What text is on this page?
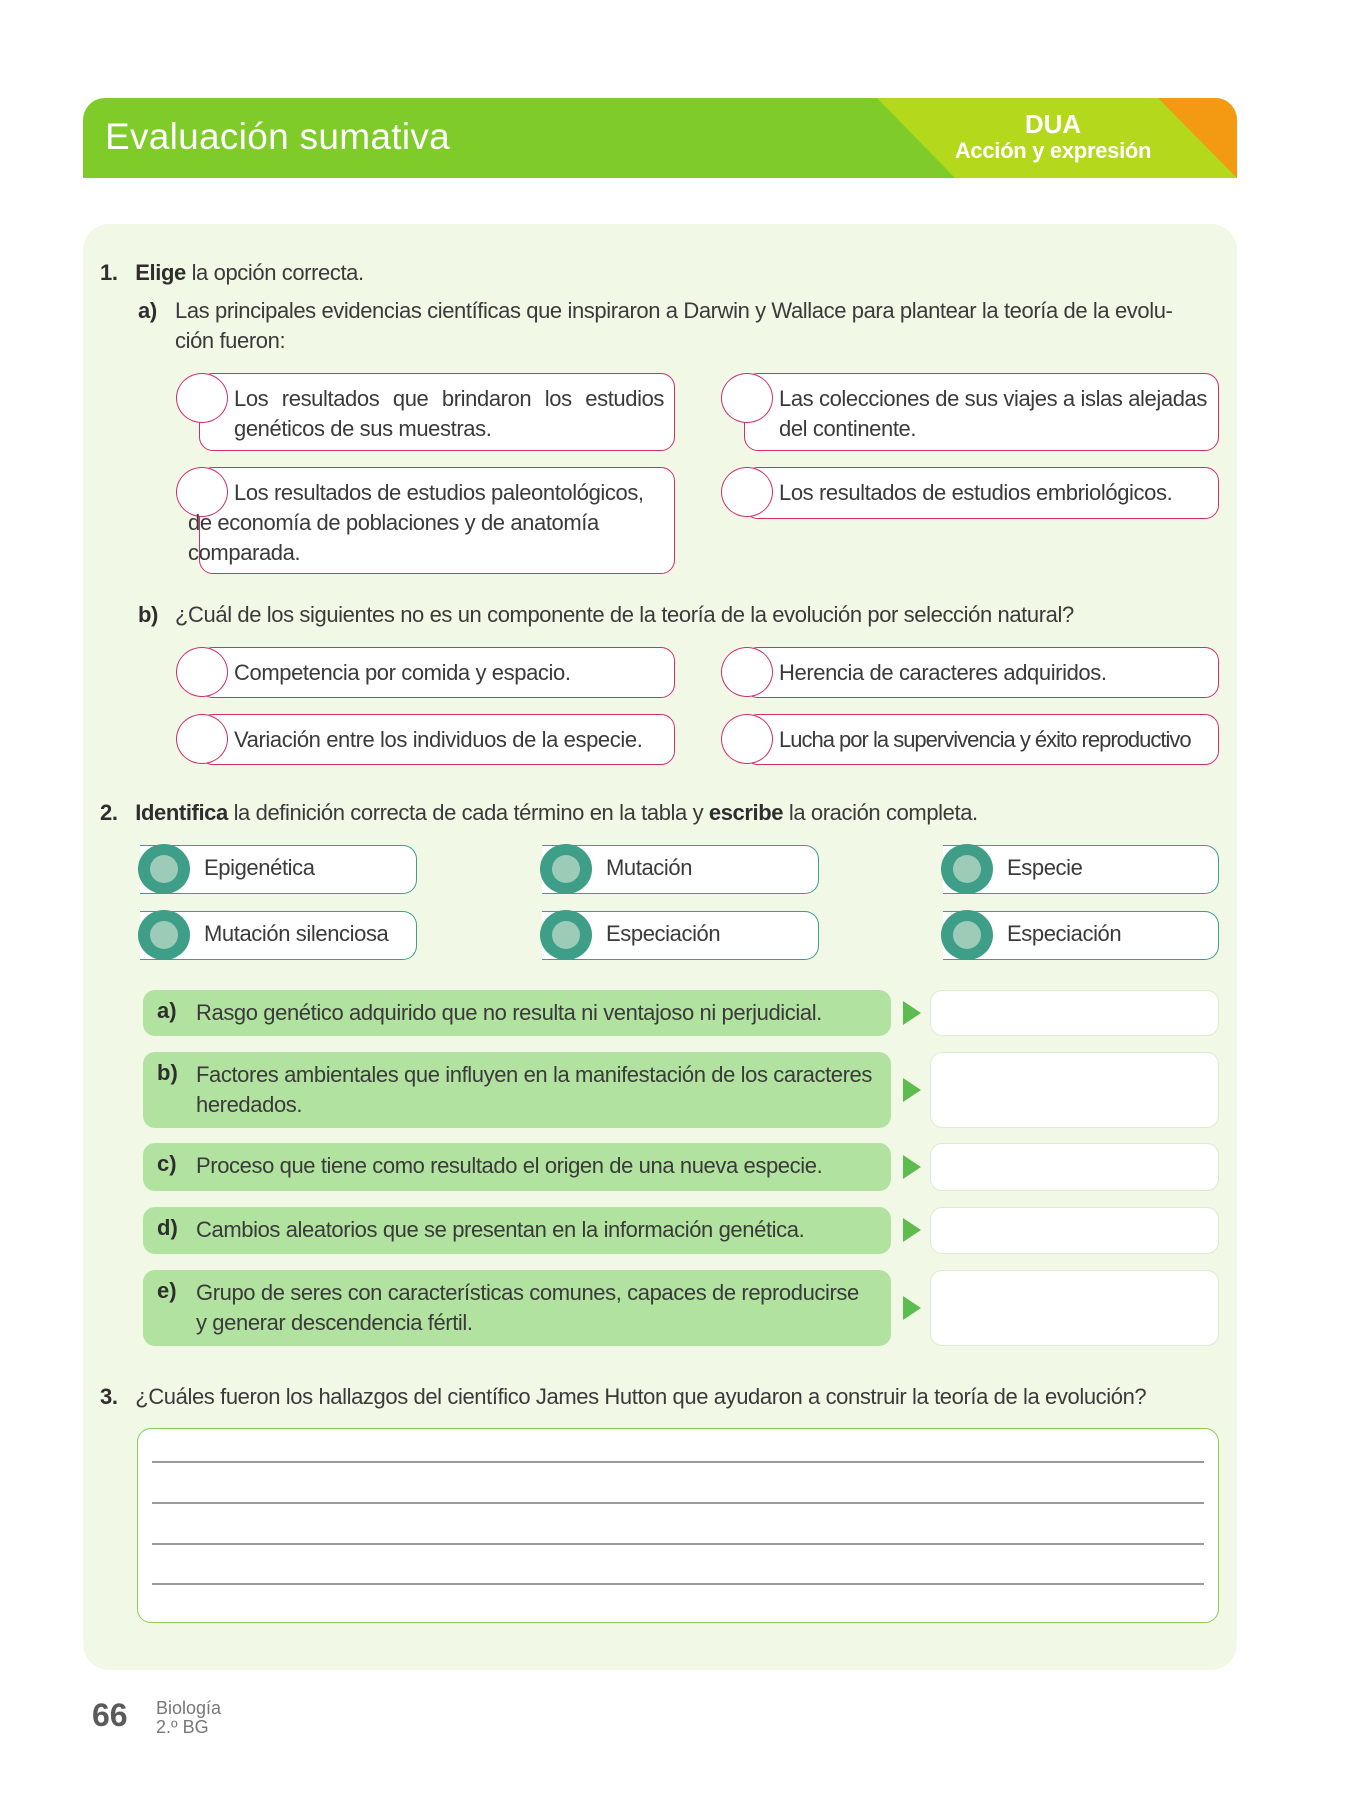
Evaluación sumativa	DUA
Acción y expresión
1. Elige la opción correcta.
a) Las principales evidencias científicas que inspiraron a Darwin y Wallace para plantear la teoría de la evolu-
ción fueron:
Los resultados que brindaron los estudios genéticos de sus muestras.
Las colecciones de sus viajes a islas alejadas del continente.
Los resultados de estudios paleontológicos, de economía de poblaciones y de anatomía comparada.
Los resultados de estudios embriológicos.
b) ¿Cuál de los siguientes no es un componente de la teoría de la evolución por selección natural?
Competencia por comida y espacio.	Herencia de caracteres adquiridos.
Variación entre los individuos de la especie.	Lucha por la supervivencia y éxito reproductivo
2. Identifica la definición correcta de cada término en la tabla y escribe la oración completa.
Epigenética	Mutación	Especie
Mutación silenciosa	Especiación	Especiación
a) Rasgo genético adquirido que no resulta ni ventajoso ni perjudicial.
b) Factores ambientales que influyen en la manifestación de los caracteres heredados.
c) Proceso que tiene como resultado el origen de una nueva especie.
d) Cambios aleatorios que se presentan en la información genética.
e) Grupo de seres con características comunes, capaces de reproducirse y generar descendencia fértil.
3. ¿Cuáles fueron los hallazgos del científico James Hutton que ayudaron a construir la teoría de la evolución?
66 Biología
2.º BG
